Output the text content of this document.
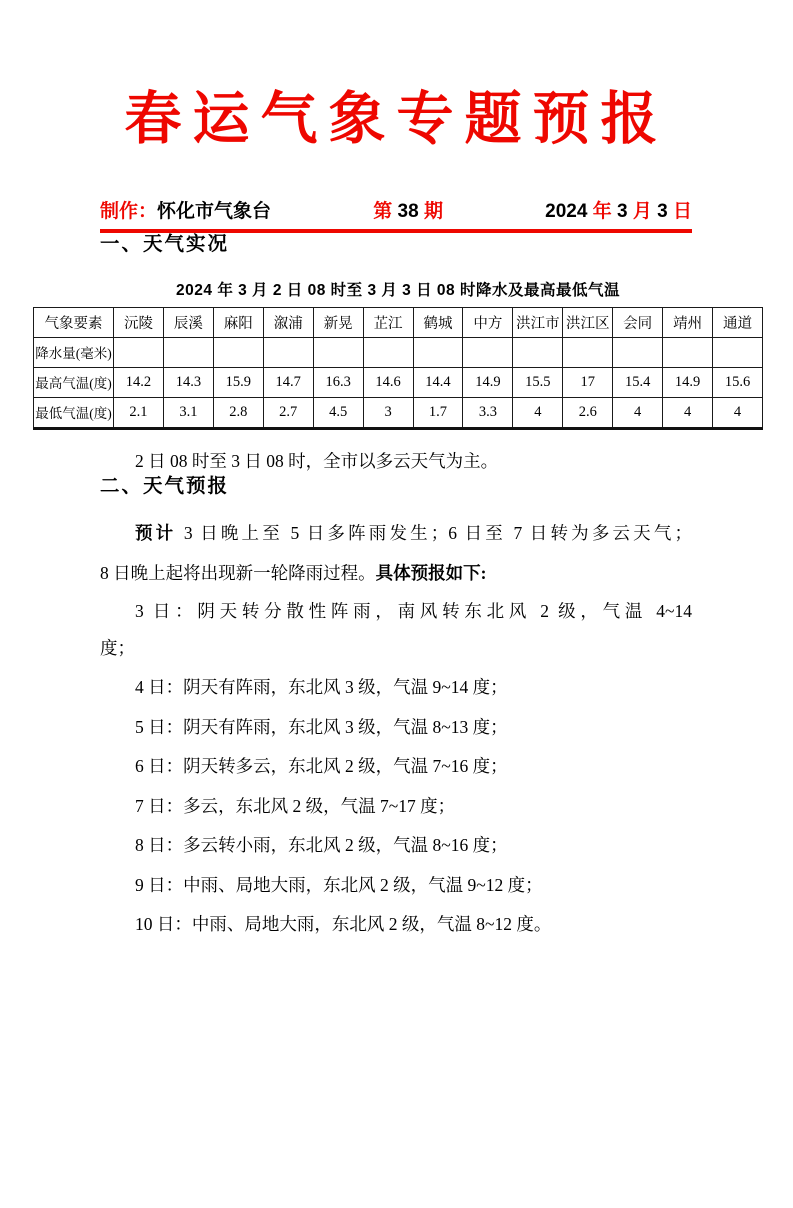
春运气象专题预报
制作：怀化市气象台	第 38 期	2024 年 3 月 3 日
一、天气实况
2024 年 3 月 2 日 08 时至 3 月 3 日 08 时降水及最高最低气温
气象要素	沅陵	辰溪	麻阳	溆浦	新晃	芷江	鹤城	中方	洪江市	洪江区	会同	靖州	通道
降水量(毫米)													
最高气温(度)	14.2	14.3	15.9	14.7	16.3	14.6	14.4	14.9	15.5	17	15.4	14.9	15.6
最低气温(度)	2.1	3.1	2.8	2.7	4.5	3	1.7	3.3	4	2.6	4	4	4

2 日 08 时至 3 日 08 时，全市以多云天气为主。

二、天气预报

预计 3 日晚上至 5 日多阵雨发生；6 日至 7 日转为多云天气；
8 日晚上起将出现新一轮降雨过程。具体预报如下:

3 日：阴天转分散性阵雨，南风转东北风 2 级，气温 4~14
度；

4 日：阴天有阵雨，东北风 3 级，气温 9~14 度；

5 日：阴天有阵雨，东北风 3 级，气温 8~13 度；

6 日：阴天转多云，东北风 2 级，气温 7~16 度；

7 日：多云，东北风 2 级，气温 7~17 度；

8 日：多云转小雨，东北风 2 级，气温 8~16 度；

9 日：中雨、局地大雨，东北风 2 级，气温 9~12 度；

10 日：中雨、局地大雨，东北风 2 级，气温 8~12 度。
